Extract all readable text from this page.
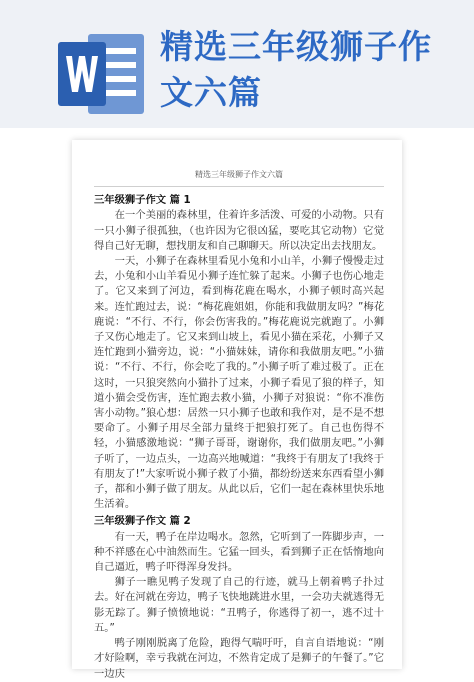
精选三年级狮子作文六篇
精选三年级狮子作文六篇
三年级狮子作文 篇 1

在一个美丽的森林里，住着许多活泼、可爱的小动物。只有一只小狮子很孤独，（也许因为它很凶猛，要吃其它动物）它觉得自己好无聊，想找朋友和自己聊聊天。所以决定出去找朋友。

一天，小狮子在森林里看见小兔和小山羊，小狮子慢慢走过去，小兔和小山羊看见小狮子连忙躲了起来。小狮子也伤心地走了。它又来到了河边，看到梅花鹿在喝水，小狮子顿时高兴起来。连忙跑过去，说：“梅花鹿姐姐，你能和我做朋友吗？”梅花鹿说：“不行、不行，你会伤害我的。”梅花鹿说完就跑了。小狮子又伤心地走了。它又来到山坡上，看见小猫在采花，小狮子又连忙跑到小猫旁边，说：“小猫妹妹，请你和我做朋友吧。”小猫说：“不行、不行，你会吃了我的。”小狮子听了难过极了。正在这时，一只狼突然向小猫扑了过来，小狮子看见了狼的样子，知道小猫会受伤害，连忙跑去救小猫，小狮子对狼说：“你不准伤害小动物。”狼心想：居然一只小狮子也敢和我作对，是不是不想要命了。小狮子用尽全部力量终于把狼打死了。自己也伤得不轻，小猫感激地说：“狮子哥哥，谢谢你，我们做朋友吧。”小狮子听了，一边点头，一边高兴地喊道：“我终于有朋友了!我终于有朋友了!”大家听说小狮子救了小猫，都纷纷送来东西看望小狮子，都和小狮子做了朋友。从此以后，它们一起在森林里快乐地生活着。

三年级狮子作文 篇 2

有一天，鸭子在岸边喝水。忽然，它听到了一阵脚步声，一种不祥感在心中油然而生。它猛一回头，看到狮子正在恬惰地向自己逼近，鸭子吓得浑身发抖。

狮子一瞧见鸭子发现了自己的行迹，就马上朝着鸭子扑过去。好在河就在旁边，鸭子飞快地跳进水里，一会功夫就逃得无影无踪了。狮子愤愤地说：“丑鸭子，你逃得了初一，逃不过十五。”

鸭子刚刚脱离了危险，跑得气喘吁吁，自言自语地说：“刚才好险啊，幸亏我就在河边，不然肯定成了是狮子的午餐了。”它一边庆
